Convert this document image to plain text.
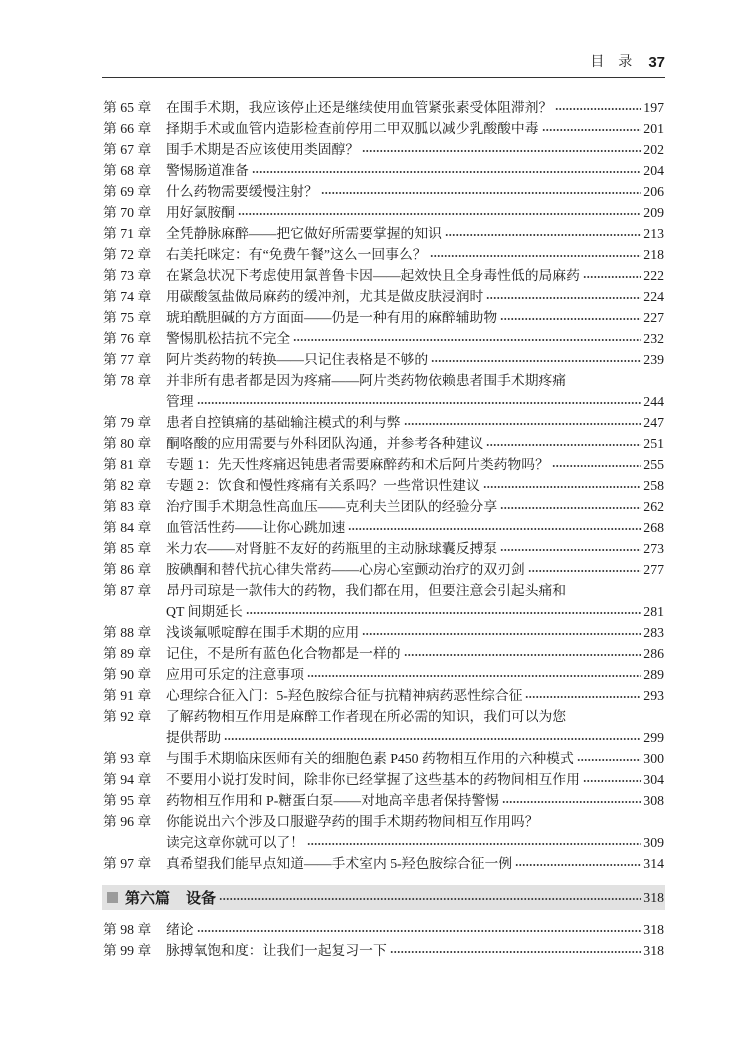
目　录 37
第 65 章	在围手术期，我应该停止还是继续使用血管紧张素受体阻滞剂？	197
第 66 章	择期手术或血管内造影检查前停用二甲双胍以减少乳酸酸中毒	201
第 67 章	围手术期是否应该使用类固醇？	202
第 68 章	警惕肠道准备	204
第 69 章	什么药物需要缓慢注射？	206
第 70 章	用好氯胺酮	209
第 71 章	全凭静脉麻醉——把它做好所需要掌握的知识	213
第 72 章	右美托咪定：有“免费午餐”这么一回事么？	218
第 73 章	在紧急状况下考虑使用氯普鲁卡因——起效快且全身毒性低的局麻药	222
第 74 章	用碳酸氢盐做局麻药的缓冲剂，尤其是做皮肤浸润时	224
第 75 章	琥珀酰胆碱的方方面面——仍是一种有用的麻醉辅助物	227
第 76 章	警惕肌松拮抗不完全	232
第 77 章	阿片类药物的转换——只记住表格是不够的	239
第 78 章	并非所有患者都是因为疼痛——阿片类药物依赖患者围手术期疼痛
管理	244
第 79 章	患者自控镇痛的基础输注模式的利与弊	247
第 80 章	酮咯酸的应用需要与外科团队沟通，并参考各种建议	251
第 81 章	专题 1：先天性疼痛迟钝患者需要麻醉药和术后阿片类药物吗？	255
第 82 章	专题 2：饮食和慢性疼痛有关系吗？一些常识性建议	258
第 83 章	治疗围手术期急性高血压——克利夫兰团队的经验分享	262
第 84 章	血管活性药——让你心跳加速	268
第 85 章	米力农——对肾脏不友好的药瓶里的主动脉球囊反搏泵	273
第 86 章	胺碘酮和替代抗心律失常药——心房心室颤动治疗的双刃剑	277
第 87 章	昂丹司琼是一款伟大的药物，我们都在用，但要注意会引起头痛和
QT 间期延长	281
第 88 章	浅谈氟哌啶醇在围手术期的应用	283
第 89 章	记住，不是所有蓝色化合物都是一样的	286
第 90 章	应用可乐定的注意事项	289
第 91 章	心理综合征入门：5-羟色胺综合征与抗精神病药恶性综合征	293
第 92 章	了解药物相互作用是麻醉工作者现在所必需的知识，我们可以为您
提供帮助	299
第 93 章	与围手术期临床医师有关的细胞色素 P450 药物相互作用的六种模式	300
第 94 章	不要用小说打发时间，除非你已经掌握了这些基本的药物间相互作用	304
第 95 章	药物相互作用和 P-糖蛋白泵——对地高辛患者保持警惕	308
第 96 章	你能说出六个涉及口服避孕药的围手术期药物间相互作用吗？
读完这章你就可以了！	309
第 97 章	真希望我们能早点知道——手术室内 5-羟色胺综合征一例	314
第六篇 设备	318
第 98 章	绪论	318
第 99 章	脉搏氧饱和度：让我们一起复习一下	318
